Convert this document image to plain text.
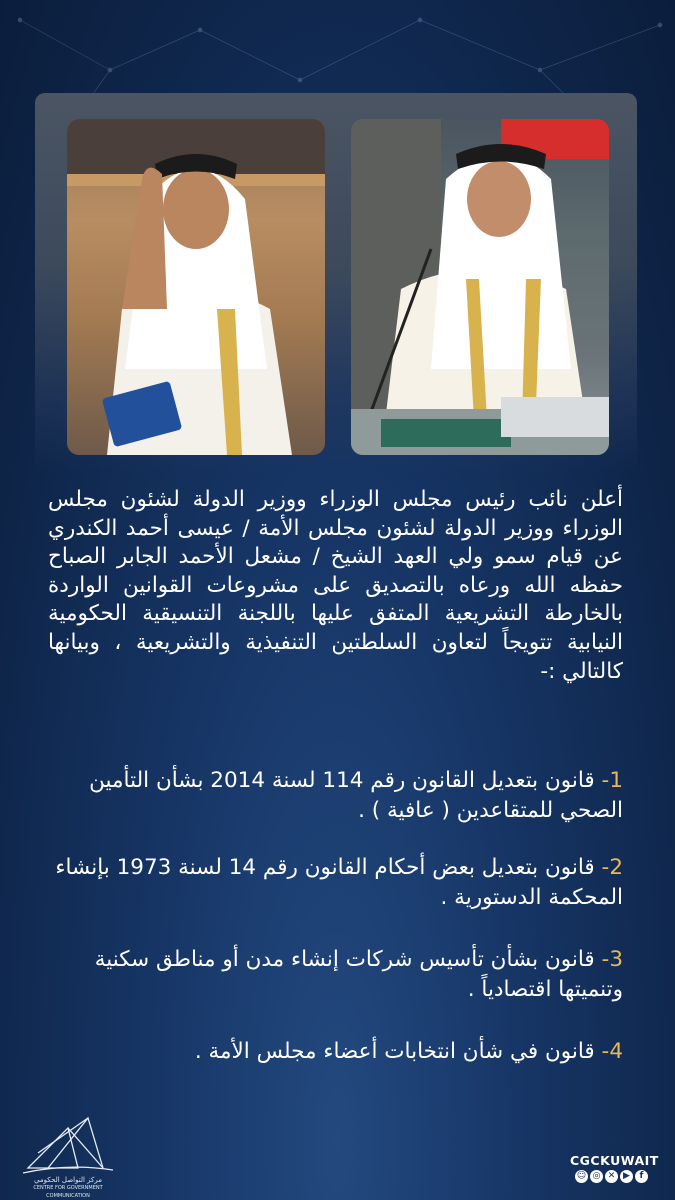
أعلن نائب رئيس مجلس الوزراء ووزير الدولة لشئون مجلس الوزراء ووزير الدولة لشئون مجلس الأمة / عيسى أحمد الكندري عن قيام سمو ولي العهد الشيخ / مشعل الأحمد الجابر الصباح حفظه الله ورعاه بالتصديق على مشروعات القوانين الواردة بالخارطة التشريعية المتفق عليها باللجنة التنسيقية الحكومية النيابية تتويجاً لتعاون السلطتين التنفيذية والتشريعية ، وبيانها كالتالي :-
1- قانون بتعديل القانون رقم 114 لسنة 2014 بشأن التأمين الصحي للمتقاعدين ( عافية ) .
2- قانون بتعديل بعض أحكام القانون رقم 14 لسنة 1973 بإنشاء المحكمة الدستورية .
3- قانون بشأن تأسيس شركات إنشاء مدن أو مناطق سكنية وتنميتها اقتصادياً .
4- قانون في شأن انتخابات أعضاء مجلس الأمة .
مركز التواصل الحكومي
CENTRE FOR GOVERNMENT COMMUNICATION
CGCKUWAIT
☺ ◎ ✕ ▶	f
